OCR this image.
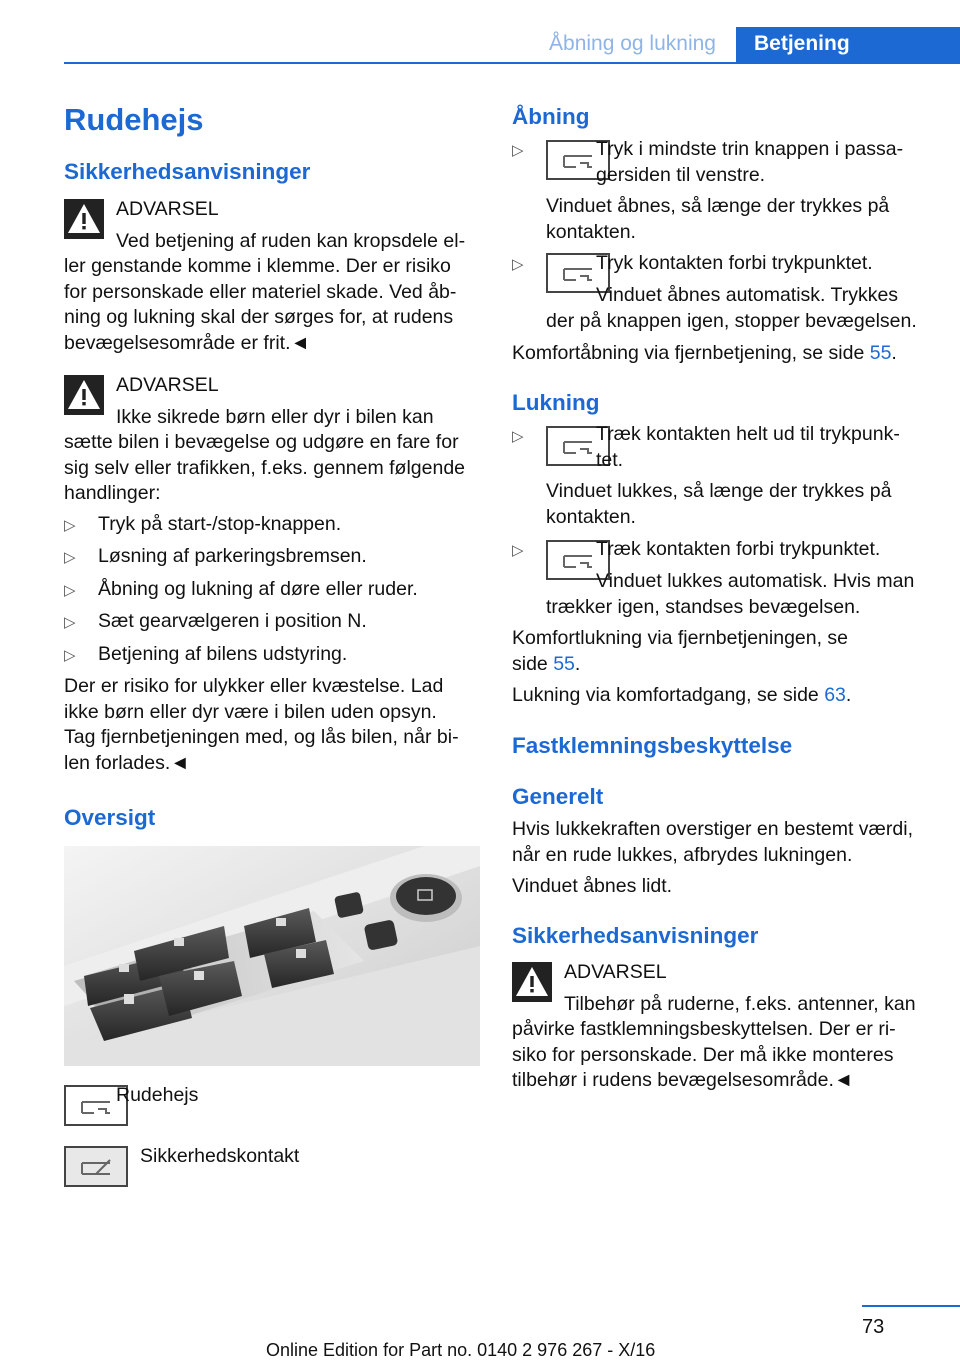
Åbning og lukning	Betjening
Rudehejs
Sikkerhedsanvisninger
ADVARSEL
Ved betjening af ruden kan kropsdele el-
ler genstande komme i klemme. Der er risiko
for personskade eller materiel skade. Ved åb-
ning og lukning skal der sørges for, at rudens
bevægelsesområde er frit.◄
ADVARSEL
Ikke sikrede børn eller dyr i bilen kan
sætte bilen i bevægelse og udgøre en fare for
sig selv eller trafikken, f.eks. gennem følgende
handlinger:
▷ Tryk på start-/stop-knappen.
▷ Løsning af parkeringsbremsen.
▷ Åbning og lukning af døre eller ruder.
▷ Sæt gearvælgeren i position N.
▷ Betjening af bilens udstyring.
Der er risiko for ulykker eller kvæstelse. Lad
ikke børn eller dyr være i bilen uden opsyn.
Tag fjernbetjeningen med, og lås bilen, når bi-
len forlades.◄
Oversigt
Rudehejs
Sikkerhedskontakt
Åbning
▷	Tryk i mindste trin knappen i passa-
gersiden til venstre.
Vinduet åbnes, så længe der trykkes på
kontakten.
▷	Tryk kontakten forbi trykpunktet.
Vinduet åbnes automatisk. Trykkes
der på knappen igen, stopper bevægelsen.
Komfortåbning via fjernbetjening, se side 55.
Lukning
▷	Træk kontakten helt ud til trykpunk-
tet.
Vinduet lukkes, så længe der trykkes på
kontakten.
▷	Træk kontakten forbi trykpunktet.
Vinduet lukkes automatisk. Hvis man
trækker igen, standses bevægelsen.
Komfortlukning via fjernbetjeningen, se
side 55.
Lukning via komfortadgang, se side 63.
Fastklemningsbeskyttelse
Generelt
Hvis lukkekraften overstiger en bestemt værdi,
når en rude lukkes, afbrydes lukningen.
Vinduet åbnes lidt.
Sikkerhedsanvisninger
ADVARSEL
Tilbehør på ruderne, f.eks. antenner, kan
påvirke fastklemningsbeskyttelsen. Der er ri-
siko for personskade. Der må ikke monteres
tilbehør i rudens bevægelsesområde.◄
73
Online Edition for Part no. 0140 2 976 267 - X/16
